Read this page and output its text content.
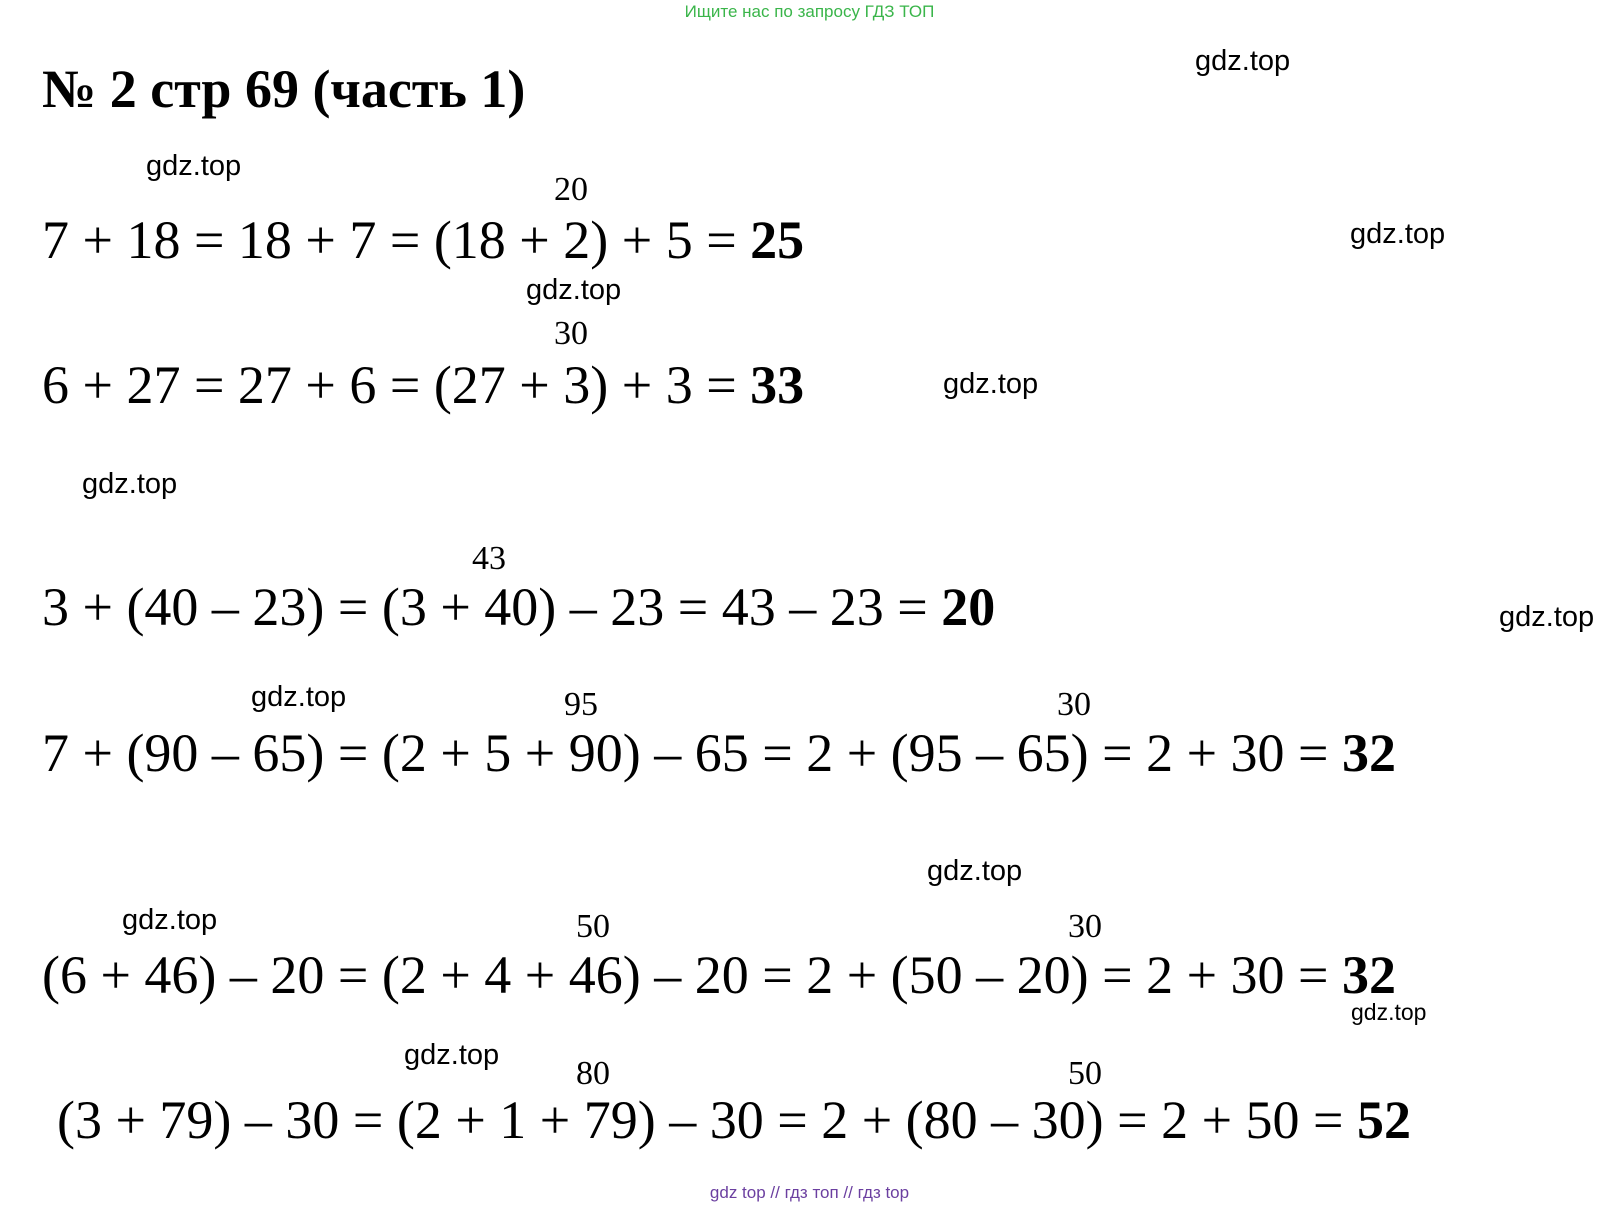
Ищите нас по запросу ГДЗ ТОП
№ 2 стр 69 (часть 1)	gdz.top
gdz.top
gdz.top
gdz.top
gdz.top
gdz.top
gdz.top
gdz.top
gdz.top
gdz.top
gdz.top
gdz.top
20
7 + 18 = 18 + 7 = (18 + 2) + 5 = 25
30
6 + 27 = 27 + 6 = (27 + 3) + 3 = 33
43
3 + (40 – 23) = (3 + 40) – 23 = 43 – 23 = 20
95	30
7 + (90 – 65) = (2 + 5 + 90) – 65 = 2 + (95 – 65) = 2 + 30 = 32
50	30
(6 + 46) – 20 = (2 + 4 + 46) – 20 = 2 + (50 – 20) = 2 + 30 = 32
80	50
(3 + 79) – 30 = (2 + 1 + 79) – 30 = 2 + (80 – 30) = 2 + 50 = 52
gdz top // гдз топ // гдз top
